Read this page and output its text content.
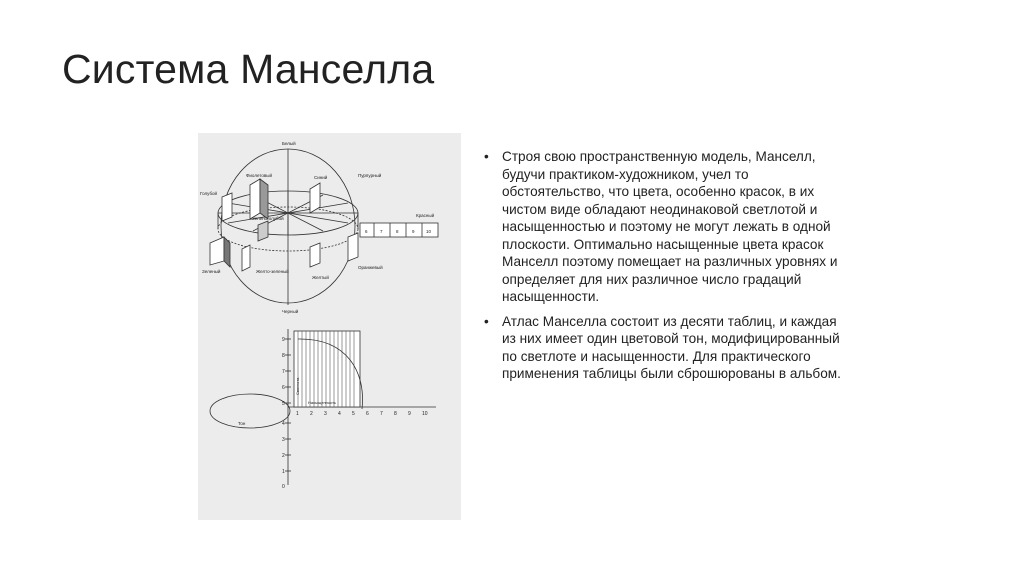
Система Манселла
Белый
Черный
Фиолетовый	Синий	Пурпурный
Голубой
Красный
Зеленоголубой
Зеленый	Желто-зеленый
Оранжевый
Желтый
6	7	8	9	10
9
8
7
6
5
4
3
2
1
0
1 2 3 4 5 6 7 8 9 10
Насыщенность
Светлота
Тон
• Строя свою пространственную модель, Манселл, будучи практиком-художником, учел то обстоятельство, что цвета, особенно красок, в их чистом виде обладают неодинаковой светлотой и насыщенностью и поэтому не могут лежать в одной плоскости. Оптимально насыщенные цвета красок Манселл поэтому помещает на различных уровнях и определяет для них различное число градаций насыщенности.
• Атлас Манселла состоит из десяти таблиц, и каждая из них имеет один цветовой тон, модифицированный по светлоте и насыщенности. Для практического применения таблицы были сброшюрованы в альбом.
